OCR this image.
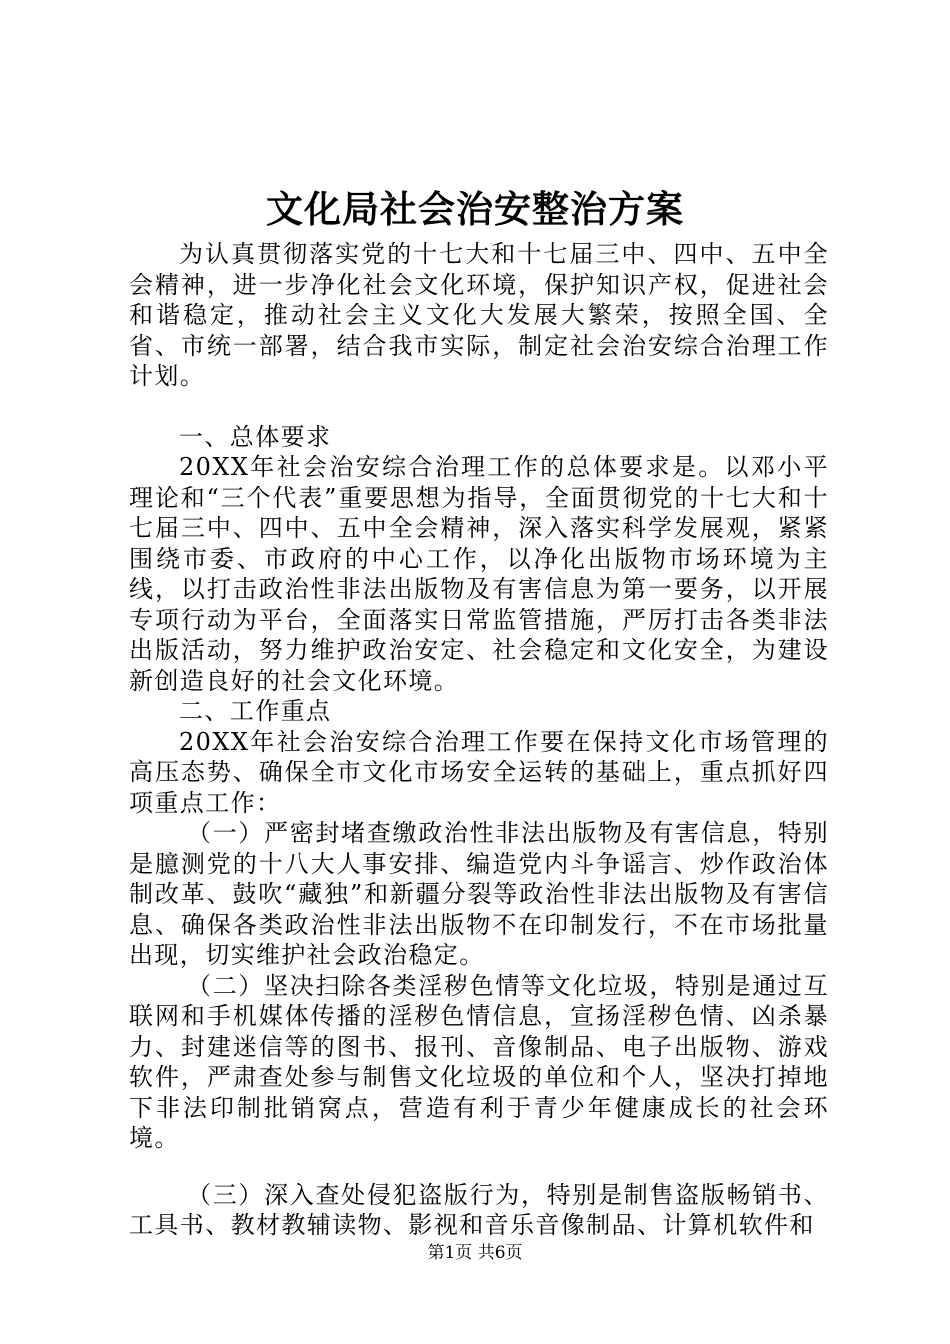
文化局社会治安整治方案

为认真贯彻落实党的十七大和十七届三中、四中、五中全会精神，进一步净化社会文化环境，保护知识产权，促进社会和谐稳定，推动社会主义文化大发展大繁荣，按照全国、全省、市统一部署，结合我市实际，制定社会治安综合治理工作计划。

一、总体要求

20XX年社会治安综合治理工作的总体要求是。以邓小平理论和“三个代表”重要思想为指导，全面贯彻党的十七大和十七届三中、四中、五中全会精神，深入落实科学发展观，紧紧围绕市委、市政府的中心工作，以净化出版物市场环境为主线，以打击政治性非法出版物及有害信息为第一要务，以开展专项行动为平台，全面落实日常监管措施，严厉打击各类非法出版活动，努力维护政治安定、社会稳定和文化安全，为建设新创造良好的社会文化环境。

二、工作重点

20XX年社会治安综合治理工作要在保持文化市场管理的高压态势、确保全市文化市场安全运转的基础上，重点抓好四项重点工作：

（一）严密封堵查缴政治性非法出版物及有害信息，特别是臆测党的十八大人事安排、编造党内斗争谣言、炒作政治体制改革、鼓吹“藏独”和新疆分裂等政治性非法出版物及有害信息、确保各类政治性非法出版物不在印制发行，不在市场批量出现，切实维护社会政治稳定。

（二）坚决扫除各类淫秽色情等文化垃圾，特别是通过互联网和手机媒体传播的淫秽色情信息，宣扬淫秽色情、凶杀暴力、封建迷信等的图书、报刊、音像制品、电子出版物、游戏软件，严肃查处参与制售文化垃圾的单位和个人，坚决打掉地下非法印制批销窝点，营造有利于青少年健康成长的社会环境。

（三）深入查处侵犯盗版行为，特别是制售盗版畅销书、工具书、教材教辅读物、影视和音乐音像制品、计算机软件和

第1页 共6页
